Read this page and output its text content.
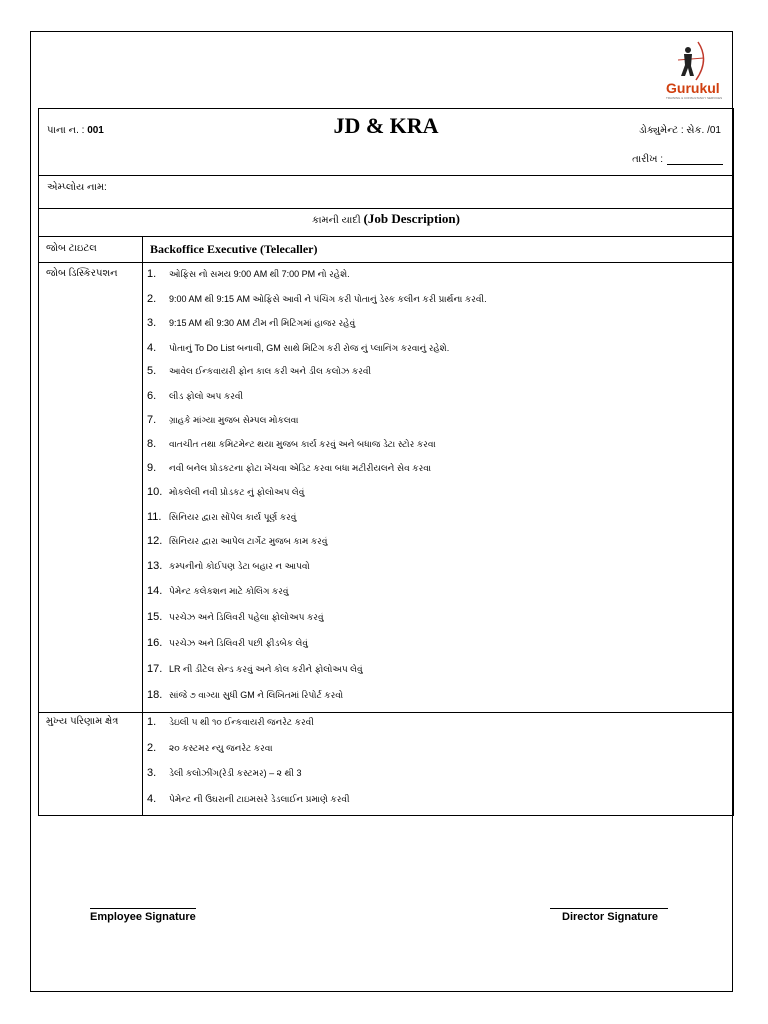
Gurukul
TRAINING & CONSULTANCY SERVICES
પાના ન. : 001	JD & KRA	ડોક્યુમેન્ટ : સેક. /01
તારીખ :
એમ્પ્લોય નામ:
કામની યાદી (Job Description)
જોબ ટાઇટલ	Backoffice Executive (Telecaller)
જોબ ડિસ્કિરપશન	1. ઓફિસ નો સમય 9:00 AM થી 7:00 PM નો રહેશે.
2. 9:00 AM થી 9:15 AM ઓફિસે આવી ને પંચિંગ કરી પોતાનું ડેસ્ક કલીન કરી પ્રાર્થના કરવી.
3. 9:15 AM થી 9:30 AM ટીમ ની મિટિંગમાં હાજર રહેવું
4. પોતાનું To Do List બનાવી, GM સાથે મિટિંગ કરી રોજ નું પ્લાનિંગ કરવાનું રહેશે.
5. આવેલ ઈન્કવાયરી ફોન કાલ કરી અને ડીલ કલોઝ કરવી
6. લીડ ફોલો અપ કરવી
7. ગ્રાહકે માંગ્યા મુજબ સેમ્પલ મોકલવા
8. વાતચીત તથા કમિટમેન્ટ થયા મુજબ કાર્ય કરવું અને બધાજ ડેટા સ્ટોર કરવા
9. નવી બનેલ પ્રોડકટના ફોટા ખેંચવા એડિટ કરવા બધા મટીરીયલને સેવ કરવા
10. મોકલેલી નવી પ્રોડકટ નું ફોલોઅપ લેવું
11. સિનિયર દ્વારા સોંપેલ કાર્ય પૂર્ણ કરવું
12. સિનિયર દ્વારા આપેલ ટાર્ગેટ મુજબ કામ કરવું
13. કમ્પનીનો કોઈપણ ડેટા બહાર ન આપવો
14. પેમેન્ટ કલેકશન માટે કોલિંગ કરવું
15. પરચેઝ અને ડિલિવરી પહેલા ફોલોઅપ કરવું
16. પરચેઝ અને ડિલિવરી પછી ફીડબેક લેવું
17. LR ની ડીટેલ સેન્ડ કરવું અને કોલ કરીને ફોલોઅપ લેવું
18. સાંજે ૭ વાગ્યા સુધી GM ને લિખિતમાં રિપોર્ટ કરવો
મુખ્ય પરિણામ ક્ષેત્ર	1. ડેઇલી ૫ થી ૧૦ ઈન્કવાયરી જનરેટ કરવી
2. ૨૦ કસ્ટમર ન્યુ જનરેટ કરવા
3. ડેલી કલોઝીંગ(રેડી કસ્ટમર) – ૨ થી 3
4. પેમેન્ટ ની ઉઘરાની ટાઇમસરે ડેડલાઈન પ્રમાણે કરવી
Employee Signature	Director Signature
